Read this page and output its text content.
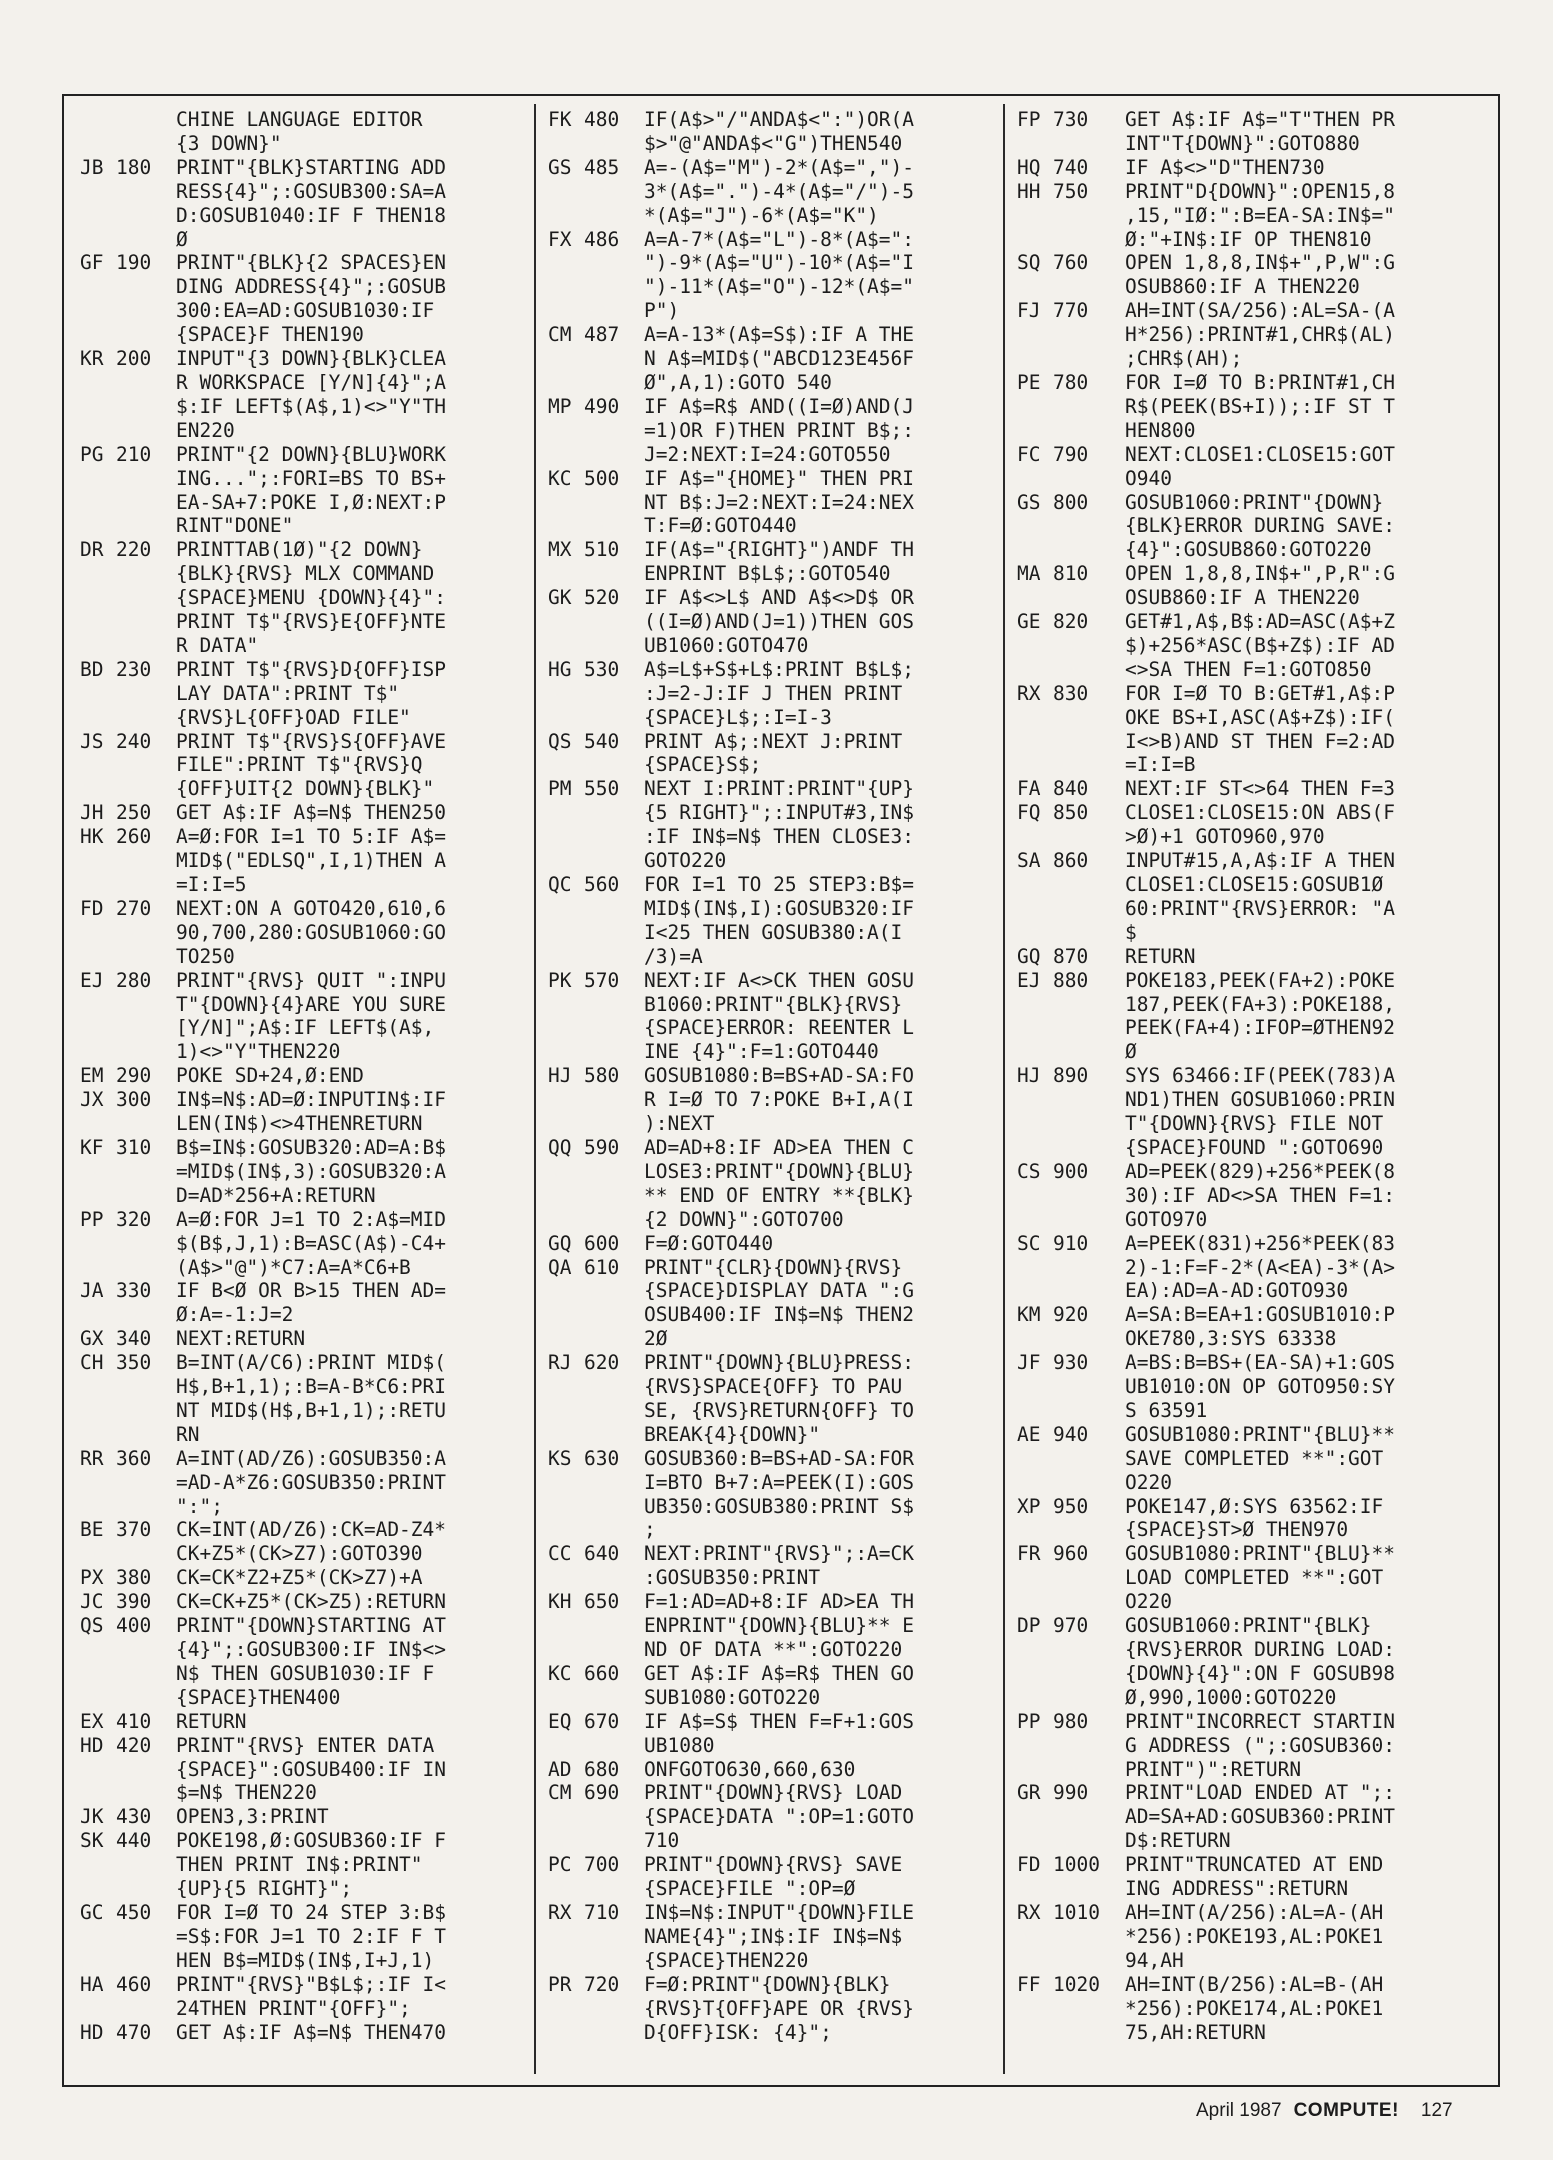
CHINE LANGUAGE EDITOR
{3 DOWN}"
JB 180	PRINT"{BLK}STARTING ADD
RESS{4}";:GOSUB300:SA=A
D:GOSUB1040:IF F THEN18
Ø
GF 190	PRINT"{BLK}{2 SPACES}EN
DING ADDRESS{4}";:GOSUB
300:EA=AD:GOSUB1030:IF
{SPACE}F THEN190
KR 200	INPUT"{3 DOWN}{BLK}CLEA
R WORKSPACE [Y/N]{4}";A
$:IF LEFT$(A$,1)<>"Y"TH
EN220
PG 210	PRINT"{2 DOWN}{BLU}WORK
ING...";:FORI=BS TO BS+
EA-SA+7:POKE I,Ø:NEXT:P
RINT"DONE"
DR 220	PRINTTAB(1Ø)"{2 DOWN}
{BLK}{RVS} MLX COMMAND
{SPACE}MENU {DOWN}{4}":
PRINT T$"{RVS}E{OFF}NTE
R DATA"
BD 230	PRINT T$"{RVS}D{OFF}ISP
LAY DATA":PRINT T$"
{RVS}L{OFF}OAD FILE"
JS 240	PRINT T$"{RVS}S{OFF}AVE
FILE":PRINT T$"{RVS}Q
{OFF}UIT{2 DOWN}{BLK}"
JH 250	GET A$:IF A$=N$ THEN250
HK 260	A=Ø:FOR I=1 TO 5:IF A$=
MID$("EDLSQ",I,1)THEN A
=I:I=5
FD 270	NEXT:ON A GOTO420,610,6
90,700,280:GOSUB1060:GO
TO250
EJ 280	PRINT"{RVS} QUIT ":INPU
T"{DOWN}{4}ARE YOU SURE
[Y/N]";A$:IF LEFT$(A$,
1)<>"Y"THEN220
EM 290	POKE SD+24,Ø:END
JX 300	IN$=N$:AD=Ø:INPUTIN$:IF
LEN(IN$)<>4THENRETURN
KF 310	B$=IN$:GOSUB320:AD=A:B$
=MID$(IN$,3):GOSUB320:A
D=AD*256+A:RETURN
PP 320	A=Ø:FOR J=1 TO 2:A$=MID
$(B$,J,1):B=ASC(A$)-C4+
(A$>"@")*C7:A=A*C6+B
JA 330	IF B<Ø OR B>15 THEN AD=
Ø:A=-1:J=2
GX 340	NEXT:RETURN
CH 350	B=INT(A/C6):PRINT MID$(
H$,B+1,1);:B=A-B*C6:PRI
NT MID$(H$,B+1,1);:RETU
RN
RR 360	A=INT(AD/Z6):GOSUB350:A
=AD-A*Z6:GOSUB350:PRINT
":";
BE 370	CK=INT(AD/Z6):CK=AD-Z4*
CK+Z5*(CK>Z7):GOTO390
PX 380	CK=CK*Z2+Z5*(CK>Z7)+A
JC 390	CK=CK+Z5*(CK>Z5):RETURN
QS 400	PRINT"{DOWN}STARTING AT
{4}";:GOSUB300:IF IN$<>
N$ THEN GOSUB1030:IF F
{SPACE}THEN400
EX 410	RETURN
HD 420	PRINT"{RVS} ENTER DATA
{SPACE}":GOSUB400:IF IN
$=N$ THEN220
JK 430	OPEN3,3:PRINT
SK 440	POKE198,Ø:GOSUB360:IF F
THEN PRINT IN$:PRINT"
{UP}{5 RIGHT}";
GC 450	FOR I=Ø TO 24 STEP 3:B$
=S$:FOR J=1 TO 2:IF F T
HEN B$=MID$(IN$,I+J,1)
HA 460	PRINT"{RVS}"B$L$;:IF I<
24THEN PRINT"{OFF}";
HD 470	GET A$:IF A$=N$ THEN470
FK 480	IF(A$>"/"ANDA$<":")OR(A
$>"@"ANDA$<"G")THEN540
GS 485	A=-(A$="M")-2*(A$=",")-
3*(A$=".")-4*(A$="/")-5
*(A$="J")-6*(A$="K")
FX 486	A=A-7*(A$="L")-8*(A$=":
")-9*(A$="U")-10*(A$="I
")-11*(A$="O")-12*(A$="
P")
CM 487	A=A-13*(A$=S$):IF A THE
N A$=MID$("ABCD123E456F
Ø",A,1):GOTO 540
MP 490	IF A$=R$ AND((I=Ø)AND(J
=1)OR F)THEN PRINT B$;:
J=2:NEXT:I=24:GOTO550
KC 500	IF A$="{HOME}" THEN PRI
NT B$:J=2:NEXT:I=24:NEX
T:F=Ø:GOTO440
MX 510	IF(A$="{RIGHT}")ANDF TH
ENPRINT B$L$;:GOTO540
GK 520	IF A$<>L$ AND A$<>D$ OR
((I=Ø)AND(J=1))THEN GOS
UB1060:GOTO470
HG 530	A$=L$+S$+L$:PRINT B$L$;
:J=2-J:IF J THEN PRINT
{SPACE}L$;:I=I-3
QS 540	PRINT A$;:NEXT J:PRINT
{SPACE}S$;
PM 550	NEXT I:PRINT:PRINT"{UP}
{5 RIGHT}";:INPUT#3,IN$
:IF IN$=N$ THEN CLOSE3:
GOTO220
QC 560	FOR I=1 TO 25 STEP3:B$=
MID$(IN$,I):GOSUB320:IF
I<25 THEN GOSUB380:A(I
/3)=A
PK 570	NEXT:IF A<>CK THEN GOSU
B1060:PRINT"{BLK}{RVS}
{SPACE}ERROR: REENTER L
INE {4}":F=1:GOTO440
HJ 580	GOSUB1080:B=BS+AD-SA:FO
R I=Ø TO 7:POKE B+I,A(I
):NEXT
QQ 590	AD=AD+8:IF AD>EA THEN C
LOSE3:PRINT"{DOWN}{BLU}
** END OF ENTRY **{BLK}
{2 DOWN}":GOTO700
GQ 600	F=Ø:GOTO440
QA 610	PRINT"{CLR}{DOWN}{RVS}
{SPACE}DISPLAY DATA ":G
OSUB400:IF IN$=N$ THEN2
2Ø
RJ 620	PRINT"{DOWN}{BLU}PRESS:
{RVS}SPACE{OFF} TO PAU
SE, {RVS}RETURN{OFF} TO
BREAK{4}{DOWN}"
KS 630	GOSUB360:B=BS+AD-SA:FOR
I=BTO B+7:A=PEEK(I):GOS
UB350:GOSUB380:PRINT S$
;
CC 640	NEXT:PRINT"{RVS}";:A=CK
:GOSUB350:PRINT
KH 650	F=1:AD=AD+8:IF AD>EA TH
ENPRINT"{DOWN}{BLU}** E
ND OF DATA **":GOTO220
KC 660	GET A$:IF A$=R$ THEN GO
SUB1080:GOTO220
EQ 670	IF A$=S$ THEN F=F+1:GOS
UB1080
AD 680	ONFGOTO630,660,630
CM 690	PRINT"{DOWN}{RVS} LOAD
{SPACE}DATA ":OP=1:GOTO
710
PC 700	PRINT"{DOWN}{RVS} SAVE
{SPACE}FILE ":OP=Ø
RX 710	IN$=N$:INPUT"{DOWN}FILE
NAME{4}";IN$:IF IN$=N$
{SPACE}THEN220
PR 720	F=Ø:PRINT"{DOWN}{BLK}
{RVS}T{OFF}APE OR {RVS}
D{OFF}ISK: {4}";
FP 730	GET A$:IF A$="T"THEN PR
INT"T{DOWN}":GOTO880
HQ 740	IF A$<>"D"THEN730
HH 750	PRINT"D{DOWN}":OPEN15,8
,15,"IØ:":B=EA-SA:IN$="
Ø:"+IN$:IF OP THEN810
SQ 760	OPEN 1,8,8,IN$+",P,W":G
OSUB860:IF A THEN220
FJ 770	AH=INT(SA/256):AL=SA-(A
H*256):PRINT#1,CHR$(AL)
;CHR$(AH);
PE 780	FOR I=Ø TO B:PRINT#1,CH
R$(PEEK(BS+I));:IF ST T
HEN800
FC 790	NEXT:CLOSE1:CLOSE15:GOT
O940
GS 800	GOSUB1060:PRINT"{DOWN}
{BLK}ERROR DURING SAVE:
{4}":GOSUB860:GOTO220
MA 810	OPEN 1,8,8,IN$+",P,R":G
OSUB860:IF A THEN220
GE 820	GET#1,A$,B$:AD=ASC(A$+Z
$)+256*ASC(B$+Z$):IF AD
<>SA THEN F=1:GOTO850
RX 830	FOR I=Ø TO B:GET#1,A$:P
OKE BS+I,ASC(A$+Z$):IF(
I<>B)AND ST THEN F=2:AD
=I:I=B
FA 840	NEXT:IF ST<>64 THEN F=3
FQ 850	CLOSE1:CLOSE15:ON ABS(F
>Ø)+1 GOTO960,970
SA 860	INPUT#15,A,A$:IF A THEN
CLOSE1:CLOSE15:GOSUB1Ø
60:PRINT"{RVS}ERROR: "A
$
GQ 870	RETURN
EJ 880	POKE183,PEEK(FA+2):POKE
187,PEEK(FA+3):POKE188,
PEEK(FA+4):IFOP=ØTHEN92
Ø
HJ 890	SYS 63466:IF(PEEK(783)A
ND1)THEN GOSUB1060:PRIN
T"{DOWN}{RVS} FILE NOT
{SPACE}FOUND ":GOTO690
CS 900	AD=PEEK(829)+256*PEEK(8
30):IF AD<>SA THEN F=1:
GOTO970
SC 910	A=PEEK(831)+256*PEEK(83
2)-1:F=F-2*(A<EA)-3*(A>
EA):AD=A-AD:GOTO930
KM 920	A=SA:B=EA+1:GOSUB1010:P
OKE780,3:SYS 63338
JF 930	A=BS:B=BS+(EA-SA)+1:GOS
UB1010:ON OP GOTO950:SY
S 63591
AE 940	GOSUB1080:PRINT"{BLU}**
SAVE COMPLETED **":GOT
O220
XP 950	POKE147,Ø:SYS 63562:IF
{SPACE}ST>Ø THEN970
FR 960	GOSUB1080:PRINT"{BLU}**
LOAD COMPLETED **":GOT
O220
DP 970	GOSUB1060:PRINT"{BLK}
{RVS}ERROR DURING LOAD:
{DOWN}{4}":ON F GOSUB98
Ø,990,1000:GOTO220
PP 980	PRINT"INCORRECT STARTIN
G ADDRESS (";:GOSUB360:
PRINT")":RETURN
GR 990	PRINT"LOAD ENDED AT ";:
AD=SA+AD:GOSUB360:PRINT
D$:RETURN
FD 1000	PRINT"TRUNCATED AT END
ING ADDRESS":RETURN
RX 1010	AH=INT(A/256):AL=A-(AH
*256):POKE193,AL:POKE1
94,AH
FF 1020	AH=INT(B/256):AL=B-(AH
*256):POKE174,AL:POKE1
75,AH:RETURN
April 1987 COMPUTE! 127
